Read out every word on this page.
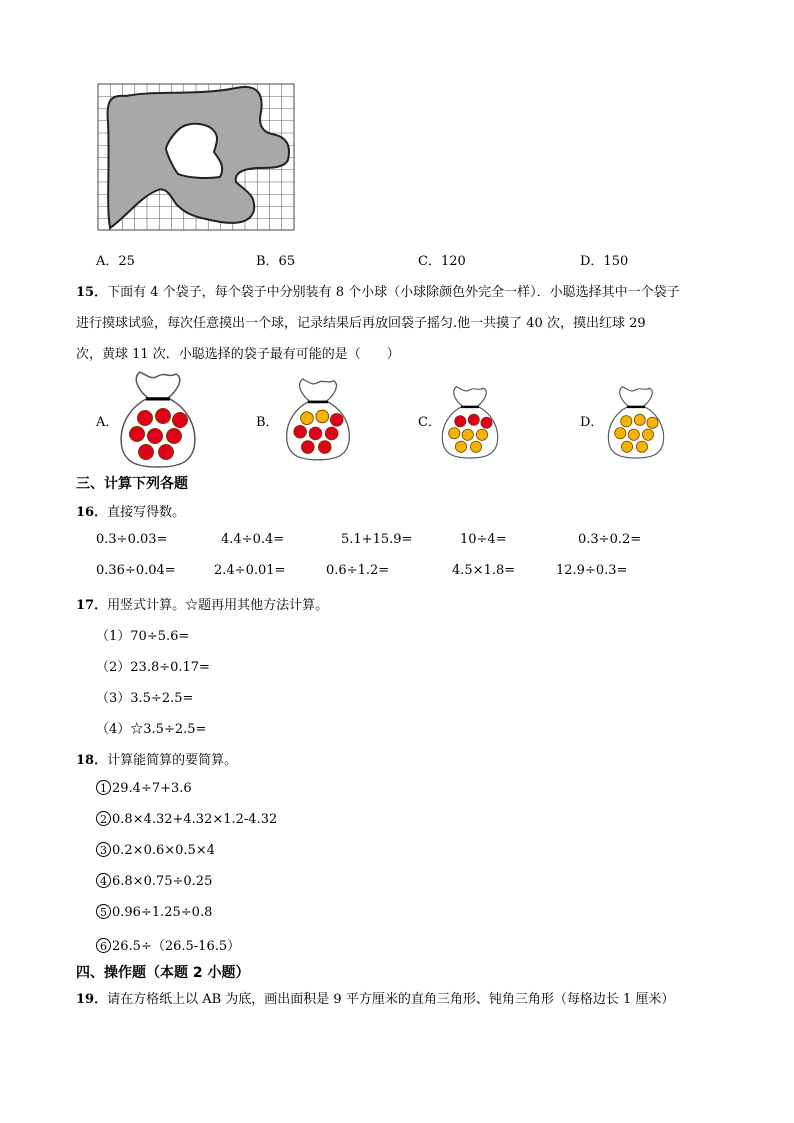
A．25	B．65	C．120	D．150
15．下面有 4 个袋子，每个袋子中分别装有 8 个小球（小球除颜色外完全一样）．小聪选择其中一个袋子
进行摸球试验，每次任意摸出一个球，记录结果后再放回袋子摇匀.他一共摸了 40 次，摸出红球 29
次，黄球 11 次．小聪选择的袋子最有可能的是（　　）
A．	B．	C．	D．
三、计算下列各题
16．直接写得数。
0.3÷0.03=	4.4÷0.4=	5.1+15.9=	10÷4=	0.3÷0.2=
0.36÷0.04=	2.4÷0.01=	0.6÷1.2=	4.5×1.8=	12.9÷0.3=
17．用竖式计算。☆题再用其他方法计算。
（1）70÷5.6=
（2）23.8÷0.17=
（3）3.5÷2.5=
（4）☆3.5÷2.5=
18．计算能简算的要简算。
1 29.4÷7+3.6
2 0.8×4.32+4.32×1.2-4.32
3 0.2×0.6×0.5×4
4 6.8×0.75÷0.25
5 0.96÷1.25÷0.8
6 26.5÷（26.5-16.5）
四、操作题（本题 2 小题）
19．请在方格纸上以 AB 为底，画出面积是 9 平方厘米的直角三角形、钝角三角形（每格边长 1 厘米）
